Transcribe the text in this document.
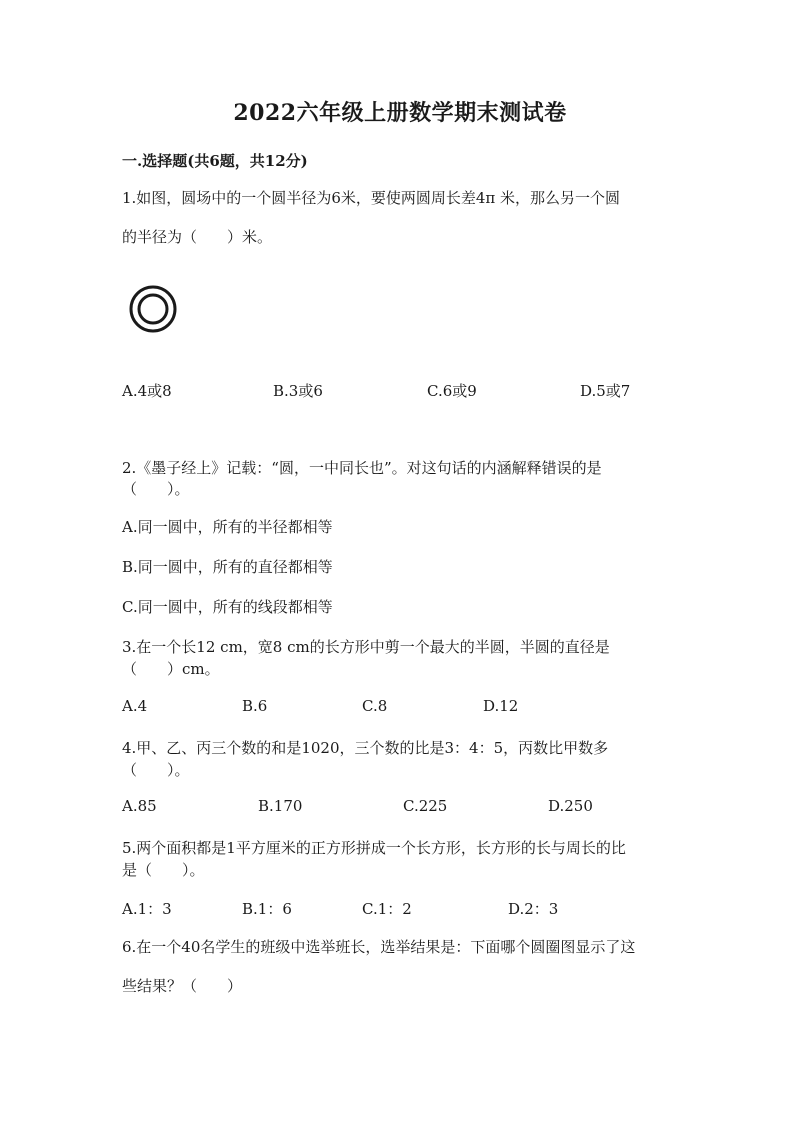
2022六年级上册数学期末测试卷
一.选择题(共6题，共12分)
1.如图，圆场中的一个圆半径为6米，要使两圆周长差4π 米，那么另一个圆
的半径为（　　）米。
A.4或8	B.3或6	C.6或9	D.5或7
2.《墨子经上》记载：“圆，一中同长也”。对这句话的内涵解释错误的是
（　　）。
A.同一圆中，所有的半径都相等
B.同一圆中，所有的直径都相等
C.同一圆中，所有的线段都相等
3.在一个长12 cm，宽8 cm的长方形中剪一个最大的半圆，半圆的直径是
（　　）cm。
A.4	B.6	C.8	D.12
4.甲、乙、丙三个数的和是1020，三个数的比是3：4：5，丙数比甲数多
（　　）。
A.85	B.170	C.225	D.250
5.两个面积都是1平方厘米的正方形拼成一个长方形，长方形的长与周长的比
是（　　）。
A.1：3	B.1：6	C.1：2	D.2：3
6.在一个40名学生的班级中选举班长，选举结果是：下面哪个圆圈图显示了这
些结果？（　　）
